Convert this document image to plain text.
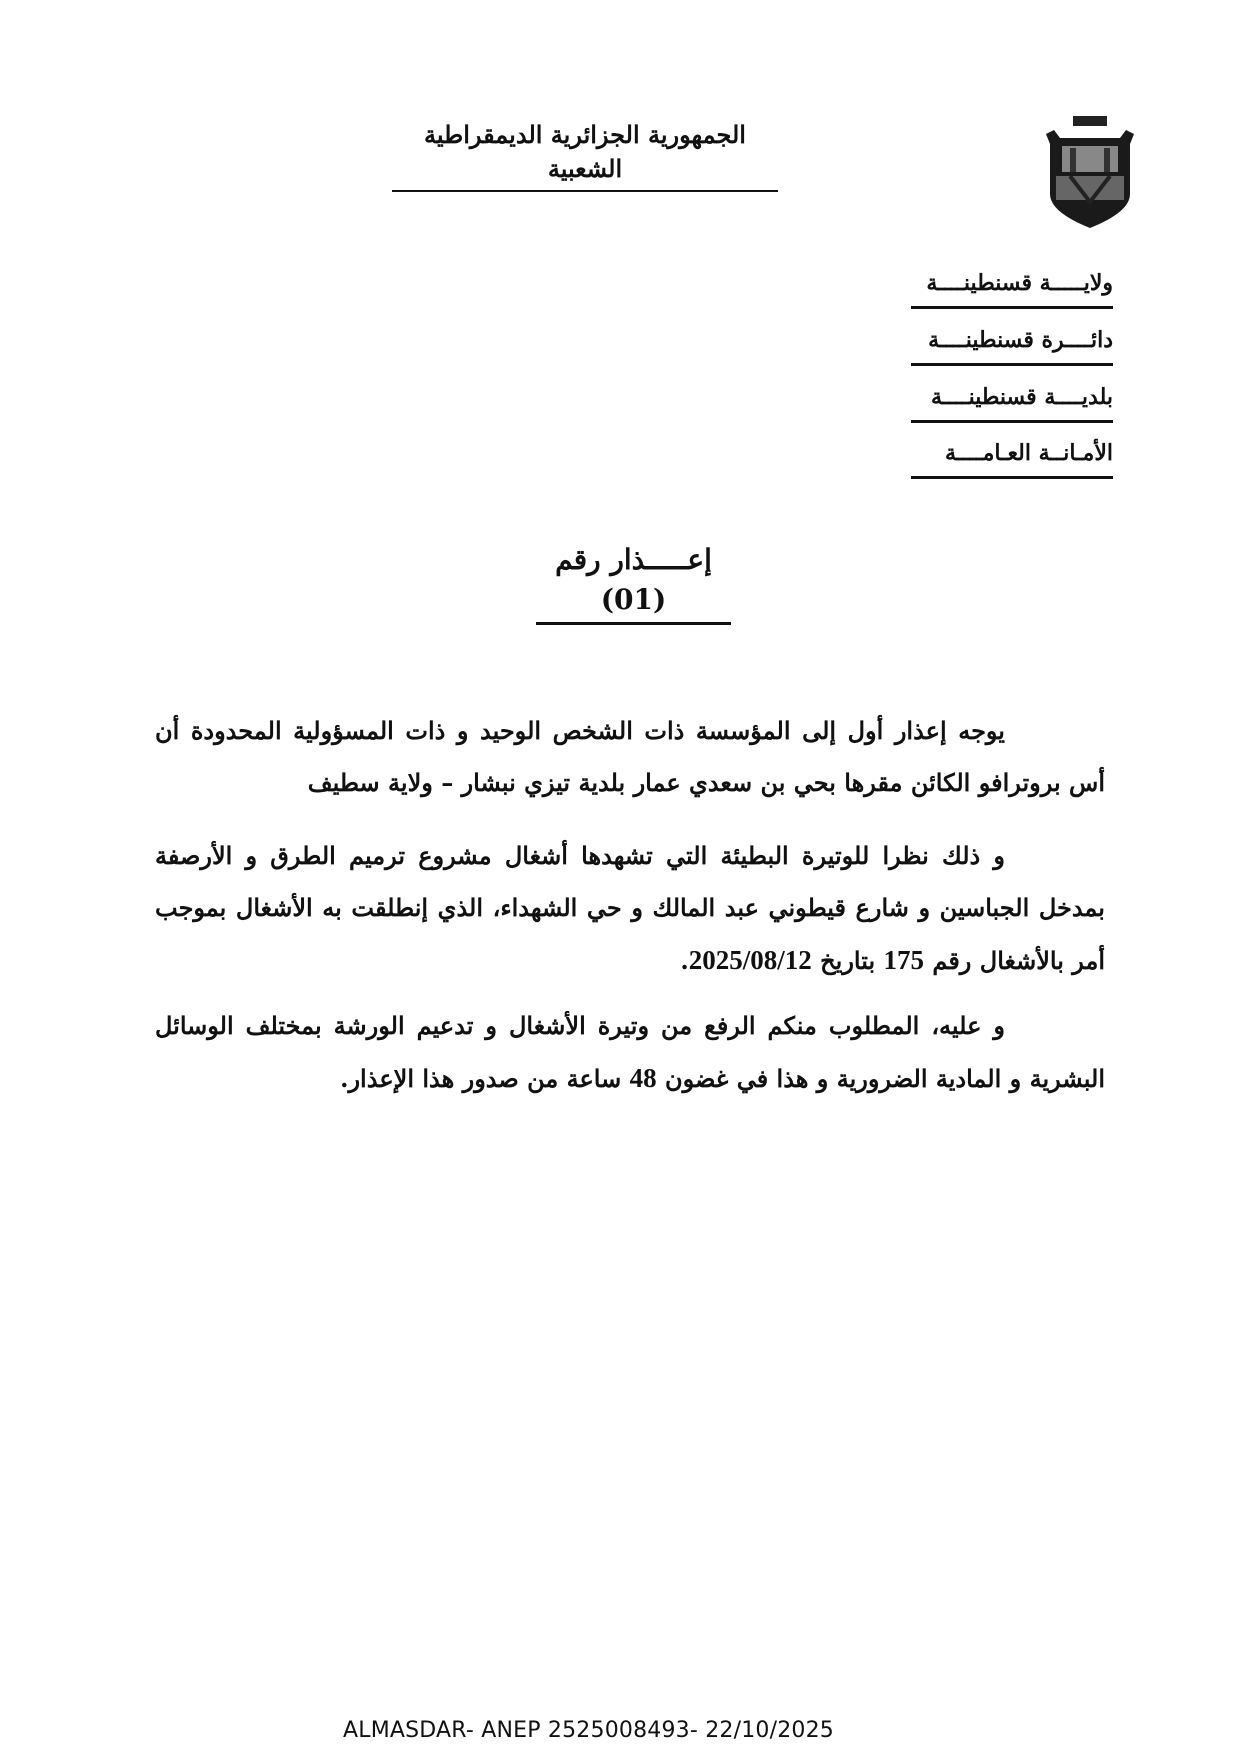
الجمهورية الجزائرية الديمقراطية الشعبية
ولايـــــة قسنطينــــة
دائــــرة قسنطينــــة
بلديــــة قسنطينــــة
الأمـانــة العـامــــة
إعـــــذار رقم (01)
يوجه إعذار أول إلى المؤسسة ذات الشخص الوحيد و ذات المسؤولية المحدودة أن أس بروترافو الكائن مقرها بحي بن سعدي عمار بلدية تيزي نبشار – ولاية سطيف
و ذلك نظرا للوتيرة البطيئة التي تشهدها أشغال مشروع ترميم الطرق و الأرصفة بمدخل الجباسين و شارع قيطوني عبد المالك و حي الشهداء، الذي إنطلقت به الأشغال بموجب أمر بالأشغال رقم 175 بتاريخ 2025/08/12.
و عليه، المطلوب منكم الرفع من وتيرة الأشغال و تدعيم الورشة بمختلف الوسائل البشرية و المادية الضرورية و هذا في غضون 48 ساعة من صدور هذا الإعذار.
ALMASDAR- ANEP 2525008493- 22/10/2025
